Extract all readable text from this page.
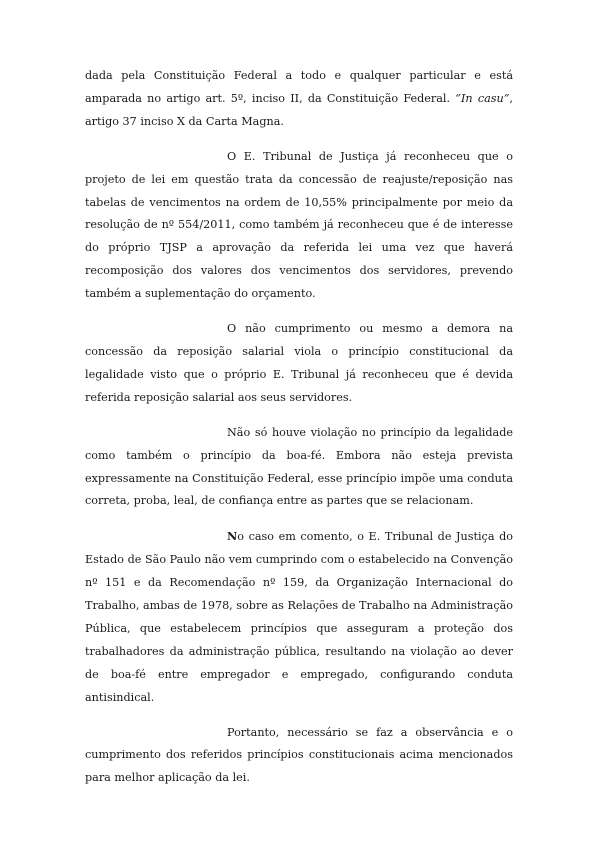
dada pela Constituição Federal a todo e qualquer particular e está amparada no artigo art. 5º, inciso II, da Constituição Federal. “In casu”, artigo 37 inciso X da Carta Magna.

O E. Tribunal de Justiça já reconheceu que o projeto de lei em questão trata da concessão de reajuste/reposição nas tabelas de vencimentos na ordem de 10,55% principalmente por meio da resolução de nº 554/2011, como também já reconheceu que é de interesse do próprio TJSP a aprovação da referida lei uma vez que haverá recomposição dos valores dos vencimentos dos servidores, prevendo também a suplementação do orçamento.

O não cumprimento ou mesmo a demora na concessão da reposição salarial viola o princípio constitucional da legalidade visto que o próprio E. Tribunal já reconheceu que é devida referida reposição salarial aos seus servidores.

Não só houve violação no princípio da legalidade como também o princípio da boa-fé. Embora não esteja prevista expressamente na Constituição Federal, esse princípio impõe uma conduta correta, proba, leal, de confiança entre as partes que se relacionam.

No caso em comento, o E. Tribunal de Justiça do Estado de São Paulo não vem cumprindo com o estabelecido na Convenção nº 151 e da Recomendação nº 159, da Organização Internacional do Trabalho, ambas de 1978, sobre as Relações de Trabalho na Administração Pública, que estabelecem princípios que asseguram a proteção dos trabalhadores da administração pública, resultando na violação ao dever de boa-fé entre empregador e empregado, configurando conduta antisindical.

Portanto, necessário se faz a observância e o cumprimento dos referidos princípios constitucionais acima mencionados para melhor aplicação da lei.
